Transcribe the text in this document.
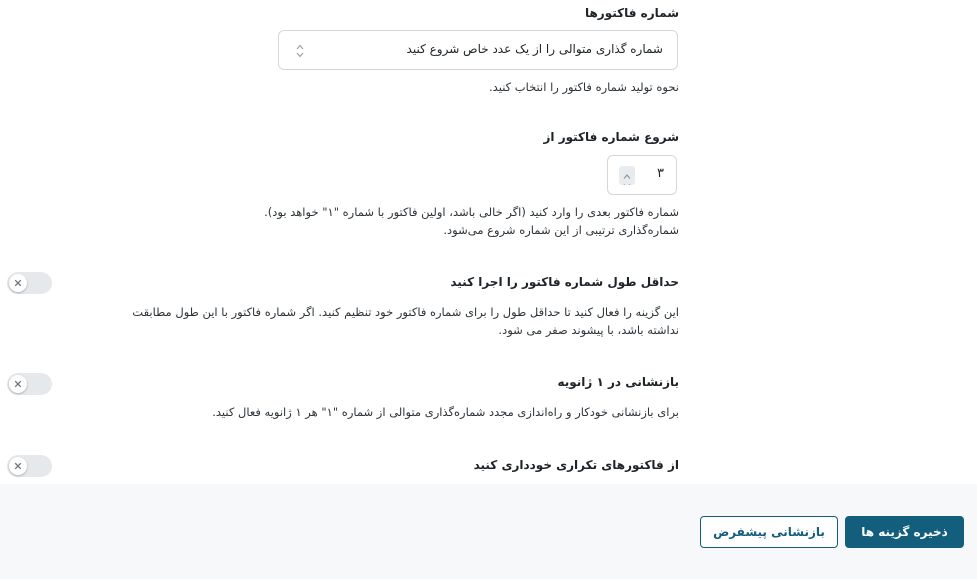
شماره فاکتورها
شماره گذاری متوالی را از یک عدد خاص شروع کنید
نحوه تولید شماره فاکتور را انتخاب کنید.
شروع شماره فاکتور از
۳
شماره فاکتور بعدی را وارد کنید (اگر خالی باشد، اولین فاکتور با شماره "۱" خواهد بود).
شماره‌گذاری ترتیبی از این شماره شروع می‌شود.
حداقل طول شماره فاکتور را اجرا کنید
این گزینه را فعال کنید تا حداقل طول را برای شماره فاکتور خود تنظیم کنید. اگر شماره فاکتور با این طول مطابقت
نداشته باشد، با پیشوند صفر می شود.
بازنشانی در ۱ ژانویه
برای بازنشانی خودکار و راه‌اندازی مجدد شماره‌گذاری متوالی از شماره "۱" هر ۱ ژانویه فعال کنید.
از فاکتورهای تکراری خودداری کنید
ذخیره گزینه ها
بازنشانی پیشفرض
